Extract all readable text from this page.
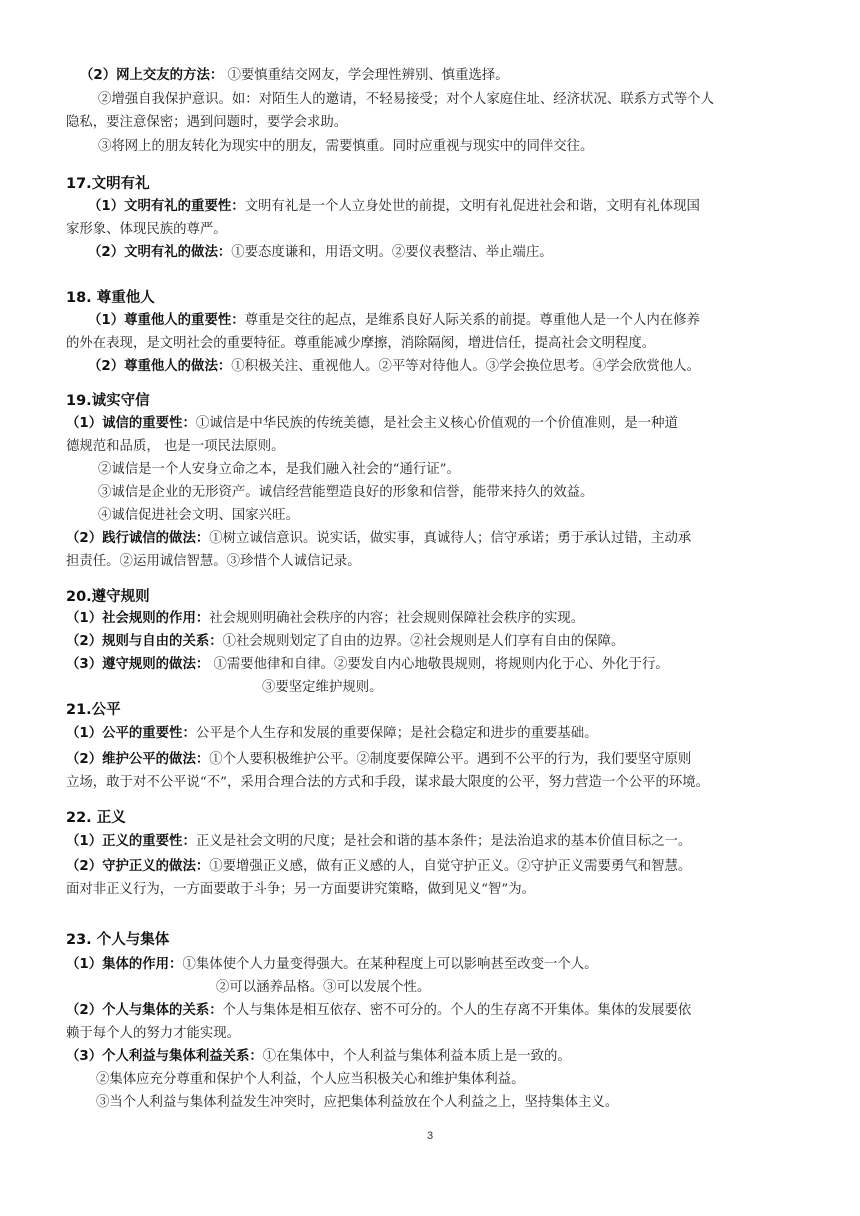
（2）网上交友的方法： ①要慎重结交网友，学会理性辨别、慎重选择。
②增强自我保护意识。如：对陌生人的邀请，不轻易接受；对个人家庭住址、经济状况、联系方式等个人
隐私，要注意保密；遇到问题时，要学会求助。
③将网上的朋友转化为现实中的朋友，需要慎重。同时应重视与现实中的同伴交往。
17.文明有礼
（1）文明有礼的重要性：文明有礼是一个人立身处世的前提，文明有礼促进社会和谐，文明有礼体现国
家形象、体现民族的尊严。
（2）文明有礼的做法：①要态度谦和，用语文明。②要仪表整洁、举止端庄。
18. 尊重他人
（1）尊重他人的重要性：尊重是交往的起点，是维系良好人际关系的前提。尊重他人是一个人内在修养
的外在表现，是文明社会的重要特征。尊重能减少摩擦，消除隔阂，增进信任，提高社会文明程度。
（2）尊重他人的做法：①积极关注、重视他人。②平等对待他人。③学会换位思考。④学会欣赏他人。
19.诚实守信
（1）诚信的重要性：①诚信是中华民族的传统美德，是社会主义核心价值观的一个价值准则，是一种道
德规范和品质， 也是一项民法原则。
②诚信是一个人安身立命之本，是我们融入社会的“通行证”。
③诚信是企业的无形资产。诚信经营能塑造良好的形象和信誉，能带来持久的效益。
④诚信促进社会文明、国家兴旺。
（2）践行诚信的做法：①树立诚信意识。说实话，做实事，真诚待人；信守承诺；勇于承认过错，主动承
担责任。②运用诚信智慧。③珍惜个人诚信记录。
20.遵守规则
（1）社会规则的作用：社会规则明确社会秩序的内容；社会规则保障社会秩序的实现。
（2）规则与自由的关系：①社会规则划定了自由的边界。②社会规则是人们享有自由的保障。
（3）遵守规则的做法： ①需要他律和自律。②要发自内心地敬畏规则，将规则内化于心、外化于行。
③要坚定维护规则。
21.公平
（1）公平的重要性：公平是个人生存和发展的重要保障；是社会稳定和进步的重要基础。
（2）维护公平的做法：①个人要积极维护公平。②制度要保障公平。遇到不公平的行为，我们要坚守原则
立场，敢于对不公平说“不”，采用合理合法的方式和手段，谋求最大限度的公平，努力营造一个公平的环境。
22. 正义
（1）正义的重要性：正义是社会文明的尺度；是社会和谐的基本条件；是法治追求的基本价值目标之一。
（2）守护正义的做法：①要增强正义感，做有正义感的人，自觉守护正义。②守护正义需要勇气和智慧。
面对非正义行为，一方面要敢于斗争；另一方面要讲究策略，做到见义“智”为。
23. 个人与集体
（1）集体的作用：①集体使个人力量变得强大。在某种程度上可以影响甚至改变一个人。
②可以涵养品格。③可以发展个性。
（2）个人与集体的关系：个人与集体是相互依存、密不可分的。个人的生存离不开集体。集体的发展要依
赖于每个人的努力才能实现。
（3）个人利益与集体利益关系：①在集体中，个人利益与集体利益本质上是一致的。
②集体应充分尊重和保护个人利益，个人应当积极关心和维护集体利益。
③当个人利益与集体利益发生冲突时，应把集体利益放在个人利益之上，坚持集体主义。
3
